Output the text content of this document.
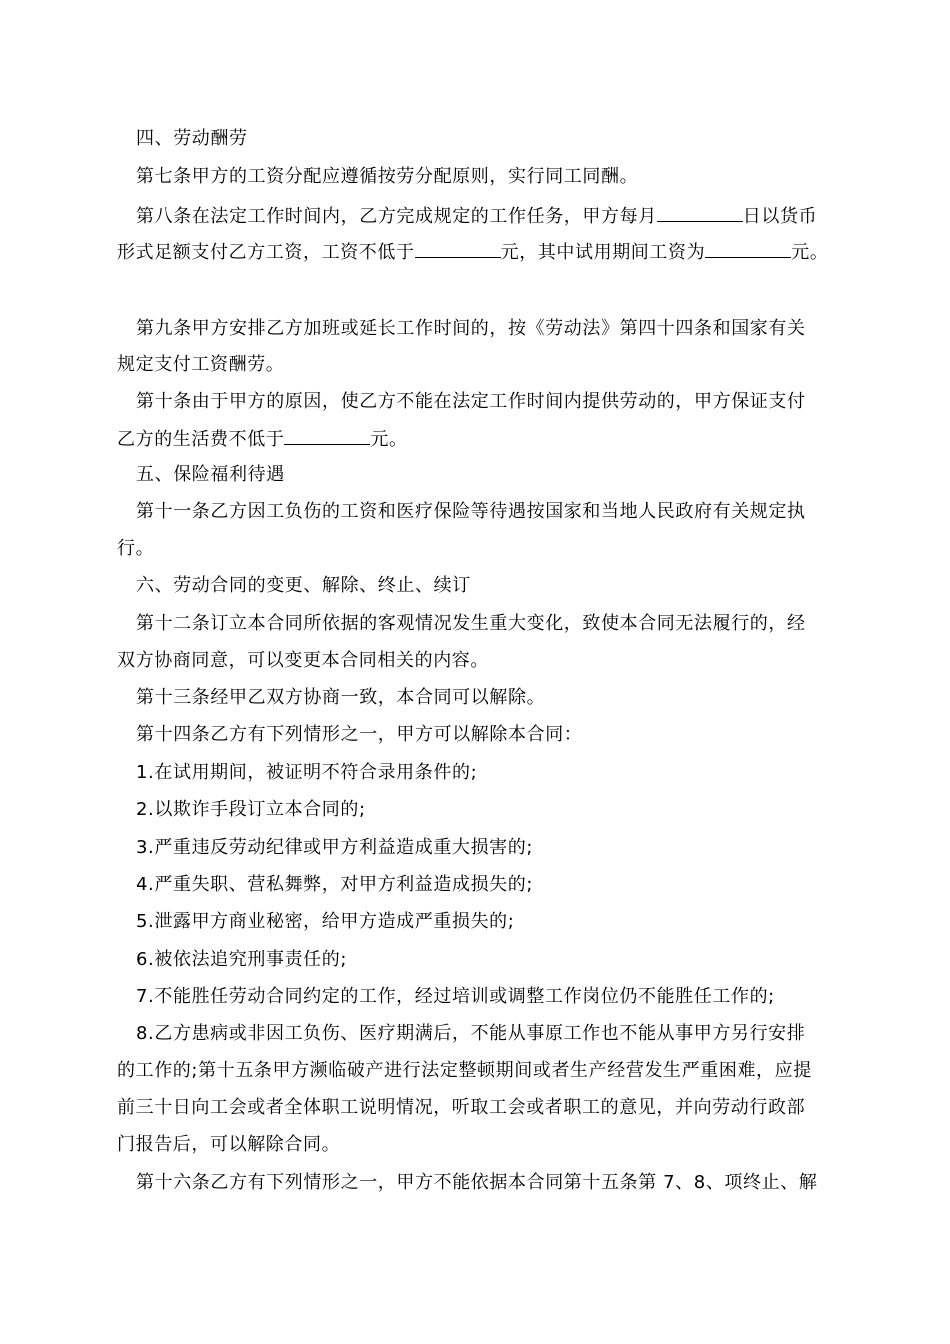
四、劳动酬劳
第七条甲方的工资分配应遵循按劳分配原则，实行同工同酬。
第八条在法定工作时间内，乙方完成规定的工作任务，甲方每月	日以货币
形式足额支付乙方工资，工资不低于	元，其中试用期间工资为	元。
第九条甲方安排乙方加班或延长工作时间的，按《劳动法》第四十四条和国家有关
规定支付工资酬劳。
第十条由于甲方的原因，使乙方不能在法定工作时间内提供劳动的，甲方保证支付
乙方的生活费不低于	元。
五、保险福利待遇
第十一条乙方因工负伤的工资和医疗保险等待遇按国家和当地人民政府有关规定执
行。
六、劳动合同的变更、解除、终止、续订
第十二条订立本合同所依据的客观情况发生重大变化，致使本合同无法履行的，经
双方协商同意，可以变更本合同相关的内容。
第十三条经甲乙双方协商一致，本合同可以解除。
第十四条乙方有下列情形之一，甲方可以解除本合同：
1.在试用期间，被证明不符合录用条件的;
2.以欺诈手段订立本合同的;
3.严重违反劳动纪律或甲方利益造成重大损害的;
4.严重失职、营私舞弊，对甲方利益造成损失的;
5.泄露甲方商业秘密，给甲方造成严重损失的;
6.被依法追究刑事责任的;
7.不能胜任劳动合同约定的工作，经过培训或调整工作岗位仍不能胜任工作的;
8.乙方患病或非因工负伤、医疗期满后，不能从事原工作也不能从事甲方另行安排
的工作的;第十五条甲方濒临破产进行法定整顿期间或者生产经营发生严重困难，应提
前三十日向工会或者全体职工说明情况，听取工会或者职工的意见，并向劳动行政部
门报告后，可以解除合同。
第十六条乙方有下列情形之一，甲方不能依据本合同第十五条第 7、8、项终止、解
